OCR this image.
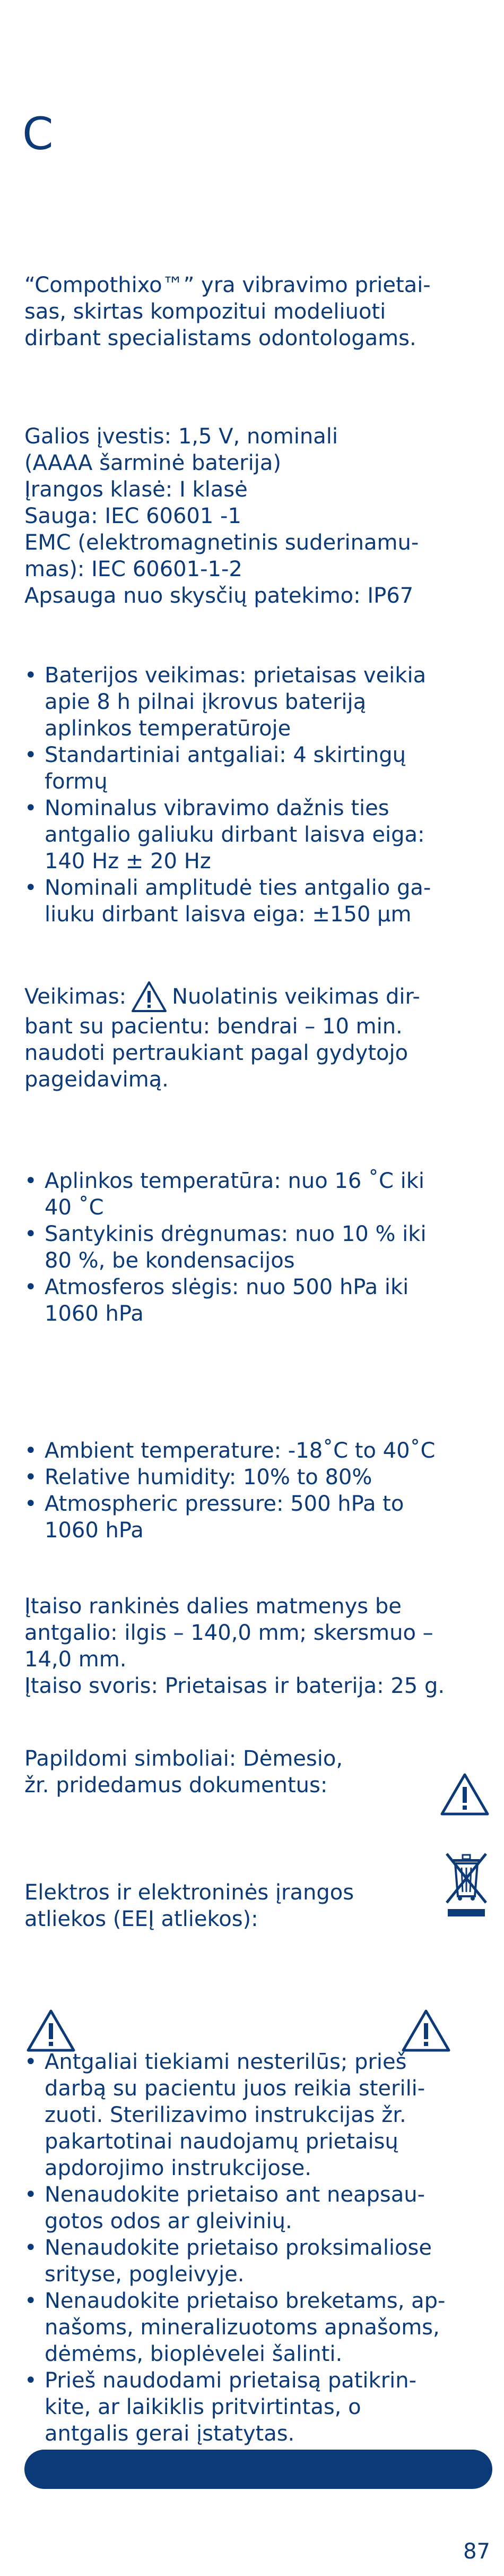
C
“Compothixo™” yra vibravimo prietai-
sas, skirtas kompozitui modeliuoti
dirbant specialistams odontologams.
Galios įvestis: 1,5 V, nominali
(AAAA šarminė baterija)
Įrangos klasė: I klasė
Sauga: IEC 60601 -1
EMC (elektromagnetinis suderinamu-
mas): IEC 60601-1-2
Apsauga nuo skysčių patekimo: IP67
• Baterijos veikimas: prietaisas veikia
apie 8 h pilnai įkrovus bateriją
aplinkos temperatūroje
• Standartiniai antgaliai: 4 skirtingų
formų
• Nominalus vibravimo dažnis ties
antgalio galiuku dirbant laisva eiga:
140 Hz ± 20 Hz
• Nominali amplitudė ties antgalio ga-
liuku dirbant laisva eiga: ±150 µm
Veikimas: Nuolatinis veikimas dir-
bant su pacientu: bendrai – 10 min.
naudoti pertraukiant pagal gydytojo
pageidavimą.
• Aplinkos temperatūra: nuo 16 ˚C iki
40 ˚C
• Santykinis drėgnumas: nuo 10 % iki
80 %, be kondensacijos
• Atmosferos slėgis: nuo 500 hPa iki
1060 hPa
• Ambient temperature: -18˚C to 40˚C
• Relative humidity: 10% to 80%
• Atmospheric pressure: 500 hPa to
1060 hPa
Įtaiso rankinės dalies matmenys be
antgalio: ilgis – 140,0 mm; skersmuo –
14,0 mm.
Įtaiso svoris: Prietaisas ir baterija: 25 g.
Papildomi simboliai: Dėmesio,
žr. pridedamus dokumentus:
Elektros ir elektroninės įrangos
atliekos (EEĮ atliekos):
• Antgaliai tiekiami nesterilūs; prieš
darbą su pacientu juos reikia sterili-
zuoti. Sterilizavimo instrukcijas žr.
pakartotinai naudojamų prietaisų
apdorojimo instrukcijose.
• Nenaudokite prietaiso ant neapsau-
gotos odos ar gleivinių.
• Nenaudokite prietaiso proksimaliose
srityse, pogleivyje.
• Nenaudokite prietaiso breketams, ap-
našoms, mineralizuotoms apnašoms,
dėmėms, bioplėvelei šalinti.
• Prieš naudodami prietaisą patikrin-
kite, ar laikiklis pritvirtintas, o
antgalis gerai įstatytas.
87
